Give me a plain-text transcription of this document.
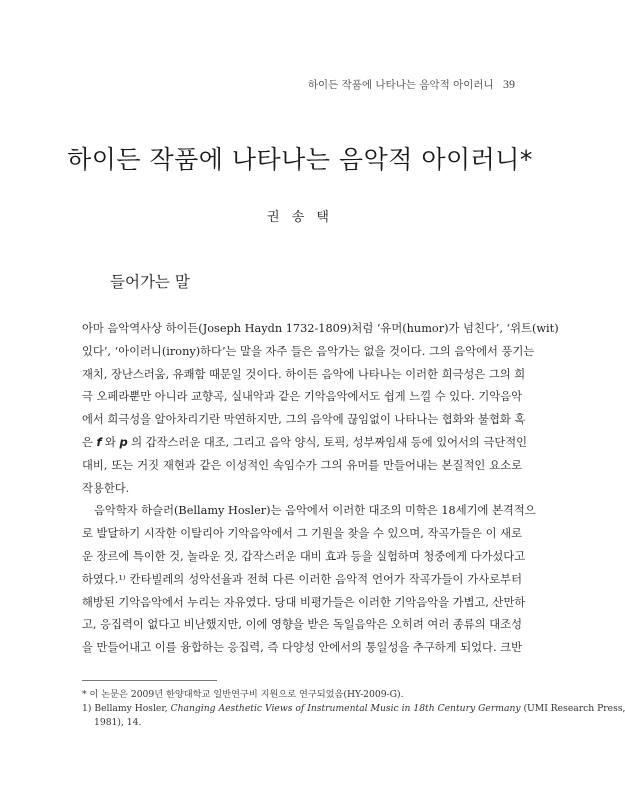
하이든 작품에 나타나는 음악적 아이러니 39
하이든 작품에 나타나는 음악적 아이러니*
권 송 택
들어가는 말
아마 음악역사상 하이든(Joseph Haydn 1732-1809)처럼 ‘유머(humor)가 넘친다’, ‘위트(wit)
있다’, ‘아이러니(irony)하다’는 말을 자주 들은 음악가는 없을 것이다. 그의 음악에서 풍기는
재치, 장난스러움, 유쾌함 때문일 것이다. 하이든 음악에 나타나는 이러한 희극성은 그의 희
극 오페라뿐만 아니라 교향곡, 실내악과 같은 기악음악에서도 쉽게 느낄 수 있다. 기악음악
에서 희극성을 알아차리기란 막연하지만, 그의 음악에 끊임없이 나타나는 협화와 불협화 혹
은 𝙛 와 𝙥 의 갑작스러운 대조, 그리고 음악 양식, 토픽, 성부짜임새 등에 있어서의 극단적인
대비, 또는 거짓 재현과 같은 이성적인 속임수가 그의 유머를 만들어내는 본질적인 요소로
작용한다.
음악학자 하슬러(Bellamy Hosler)는 음악에서 이러한 대조의 미학은 18세기에 본격적으
로 발달하기 시작한 이탈리아 기악음악에서 그 기원을 찾을 수 있으며, 작곡가들은 이 새로
운 장르에 특이한 것, 놀라운 것, 갑작스러운 대비 효과 등을 실험하며 청중에게 다가섰다고
하였다.¹⁾ 칸타빌레의 성악선율과 전혀 다른 이러한 음악적 언어가 작곡가들이 가사로부터
해방된 기악음악에서 누리는 자유였다. 당대 비평가들은 이러한 기악음악을 가볍고, 산만하
고, 응집력이 없다고 비난했지만, 이에 영향을 받은 독일음악은 오히려 여러 종류의 대조성
을 만들어내고 이를 융합하는 응집력, 즉 다양성 안에서의 통일성을 추구하게 되었다. 크반
* 이 논문은 2009년 한양대학교 일반연구비 지원으로 연구되었음(HY-2009-G).
1) Bellamy Hosler, Changing Aesthetic Views of Instrumental Music in 18th Century Germany (UMI Research Press,
1981), 14.
